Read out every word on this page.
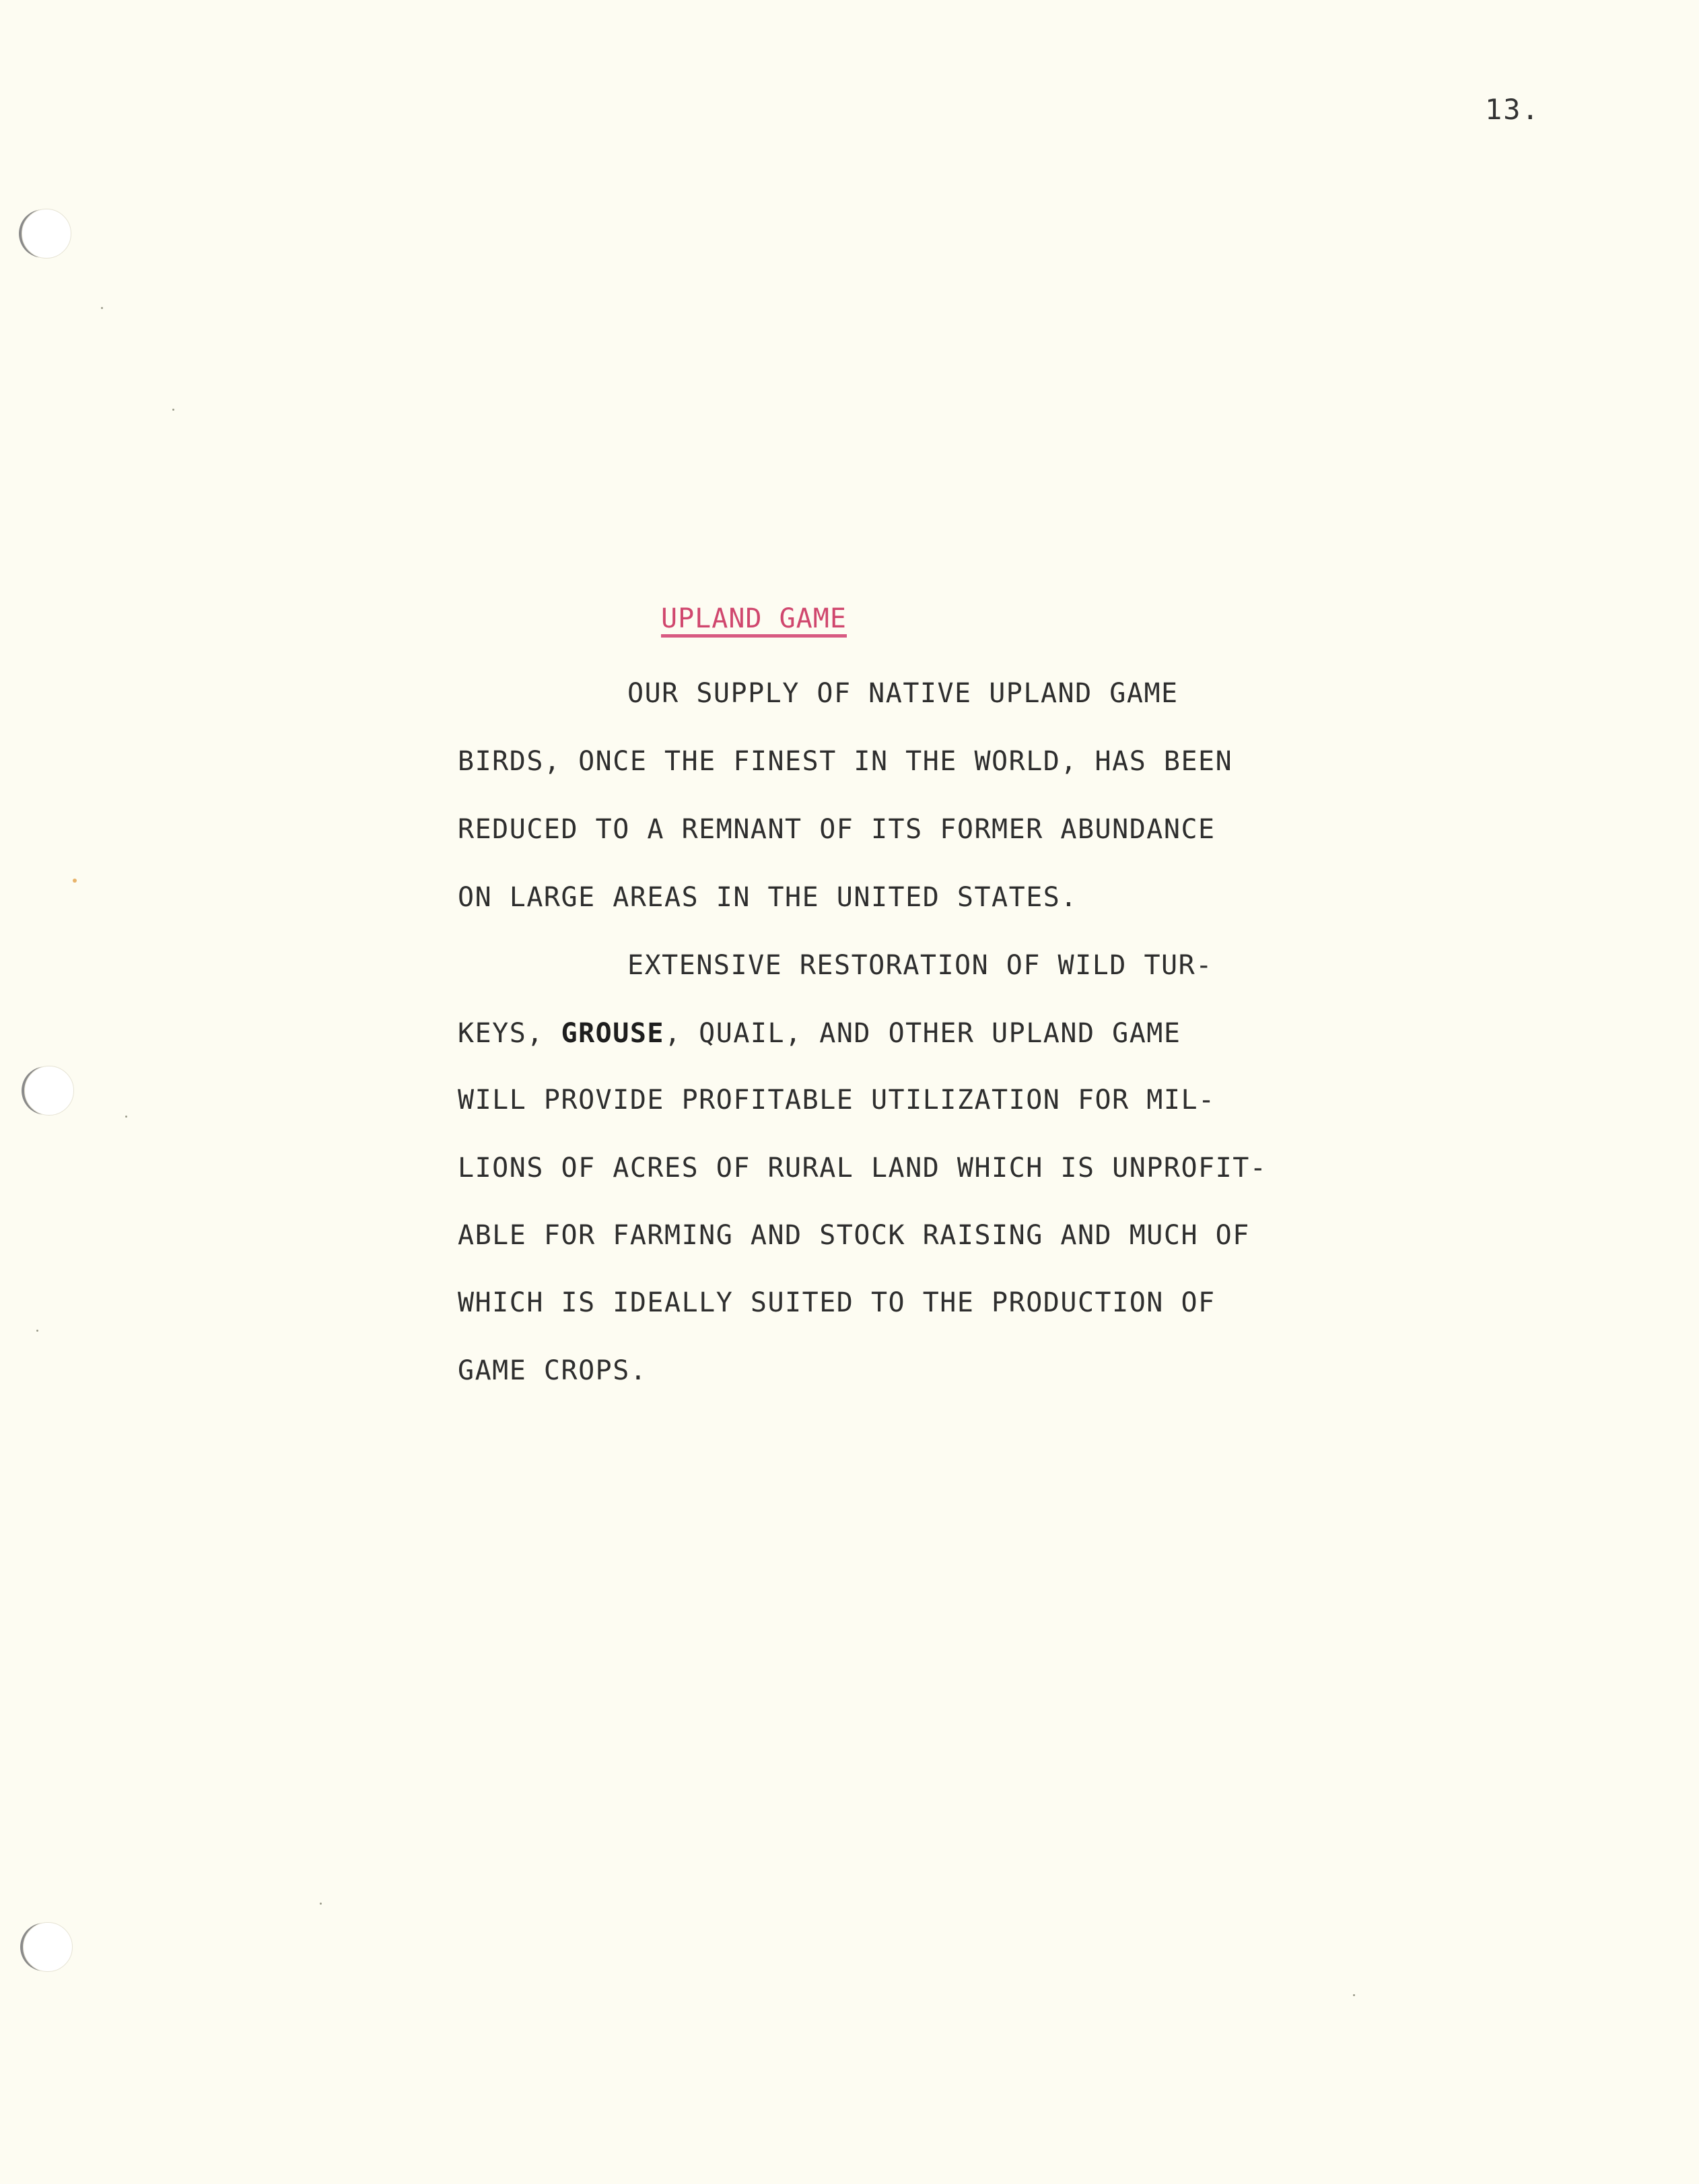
13.
UPLAND GAME
OUR SUPPLY OF NATIVE UPLAND GAME
BIRDS, ONCE THE FINEST IN THE WORLD, HAS BEEN
REDUCED TO A REMNANT OF ITS FORMER ABUNDANCE
ON LARGE AREAS IN THE UNITED STATES.
EXTENSIVE RESTORATION OF WILD TUR-
KEYS, GROUSE, QUAIL, AND OTHER UPLAND GAME
WILL PROVIDE PROFITABLE UTILIZATION FOR MIL-
LIONS OF ACRES OF RURAL LAND WHICH IS UNPROFIT-
ABLE FOR FARMING AND STOCK RAISING AND MUCH OF
WHICH IS IDEALLY SUITED TO THE PRODUCTION OF
GAME CROPS.
